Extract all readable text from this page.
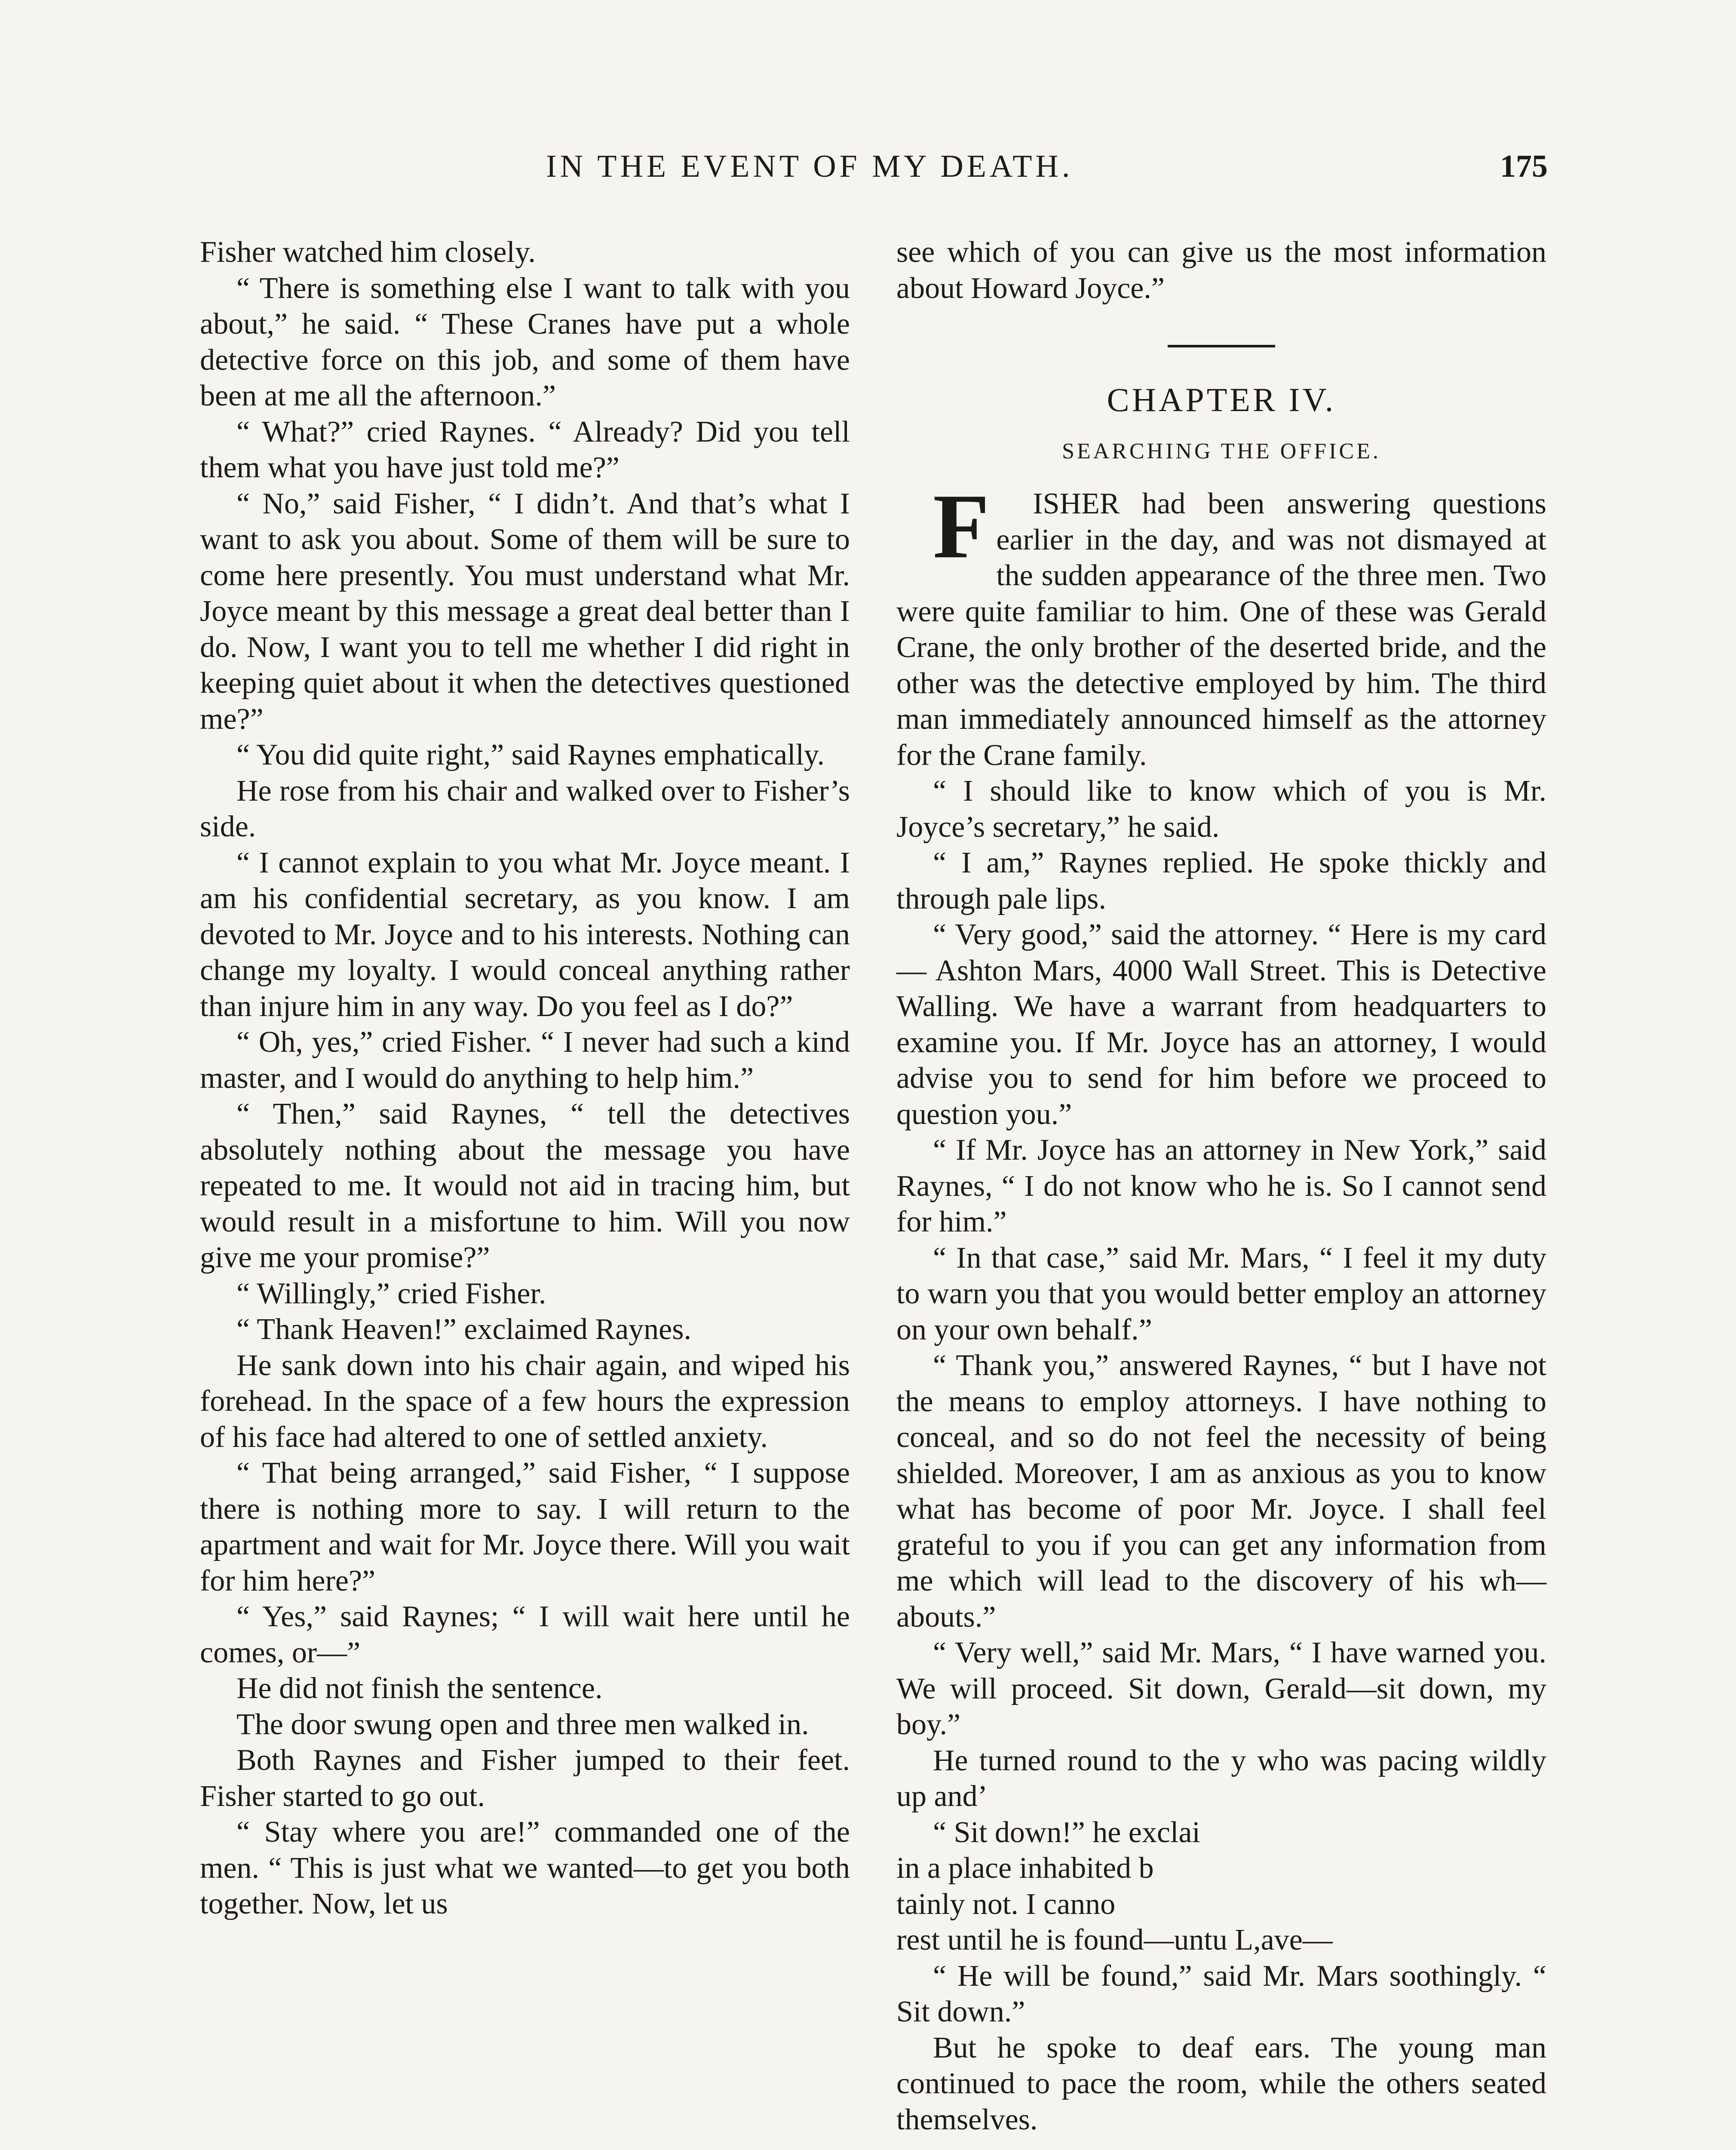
IN THE EVENT OF MY DEATH.	175

Fisher watched him closely.

“ There is something else I want to talk with you about,” he said. “ These Cranes have put a whole detective force on this job, and some of them have been at me all the afternoon.”

“ What?” cried Raynes. “ Already? Did you tell them what you have just told me?”

“ No,” said Fisher, “ I didn’t. And that’s what I want to ask you about. Some of them will be sure to come here presently. You must understand what Mr. Joyce meant by this message a great deal better than I do. Now, I want you to tell me whether I did right in keeping quiet about it when the detectives questioned me?”

“ You did quite right,” said Raynes emphatically.

He rose from his chair and walked over to Fisher’s side.

“ I cannot explain to you what Mr. Joyce meant. I am his confidential secretary, as you know. I am devoted to Mr. Joyce and to his interests. Nothing can change my loyalty. I would conceal anything rather than injure him in any way. Do you feel as I do?”

“ Oh, yes,” cried Fisher. “ I never had such a kind master, and I would do anything to help him.”

“ Then,” said Raynes, “ tell the detectives absolutely nothing about the message you have repeated to me. It would not aid in tracing him, but would result in a misfortune to him. Will you now give me your promise?”

“ Willingly,” cried Fisher.

“ Thank Heaven!” exclaimed Raynes.

He sank down into his chair again, and wiped his forehead. In the space of a few hours the expression of his face had altered to one of settled anxiety.

“ That being arranged,” said Fisher, “ I suppose there is nothing more to say. I will return to the apartment and wait for Mr. Joyce there. Will you wait for him here?”

“ Yes,” said Raynes; “ I will wait here until he comes, or—”

He did not finish the sentence.

The door swung open and three men walked in.

Both Raynes and Fisher jumped to their feet. Fisher started to go out.

“ Stay where you are!” commanded one of the men. “ This is just what we wanted—to get you both together. Now, let us

see which of you can give us the most information about Howard Joyce.”

CHAPTER IV.
SEARCHING THE OFFICE.

F ISHER had been answering questions earlier in the day, and was not dismayed at the sudden appearance of the three men. Two were quite familiar to him. One of these was Gerald Crane, the only brother of the deserted bride, and the other was the detective employed by him. The third man immediately announced himself as the attorney for the Crane family.

“ I should like to know which of you is Mr. Joyce’s secretary,” he said.

“ I am,” Raynes replied. He spoke thickly and through pale lips.

“ Very good,” said the attorney. “ Here is my card — Ashton Mars, 4000 Wall Street. This is Detective Walling. We have a warrant from headquarters to examine you. If Mr. Joyce has an attorney, I would advise you to send for him before we proceed to question you.”

“ If Mr. Joyce has an attorney in New York,” said Raynes, “ I do not know who he is. So I cannot send for him.”

“ In that case,” said Mr. Mars, “ I feel it my duty to warn you that you would better employ an attorney on your own behalf.”

“ Thank you,” answered Raynes, “ but I have not the means to employ attorneys. I have nothing to conceal, and so do not feel the necessity of being shielded. Moreover, I am as anxious as you to know what has become of poor Mr. Joyce. I shall feel grateful to you if you can get any information from me which will lead to the discovery of his wh—abouts.”

“ Very well,” said Mr. Mars, “ I have warned you. We will proceed. Sit down, Gerald—sit down, my boy.”

He turned round to the y who was pacing wildly up and’

“ Sit down!” he exclai

in a place inhabited b

tainly not. I canno

rest until he is found—untu L,ave—

“ He will be found,” said Mr. Mars soothingly. “ Sit down.”

But he spoke to deaf ears. The young man continued to pace the room, while the others seated themselves.
